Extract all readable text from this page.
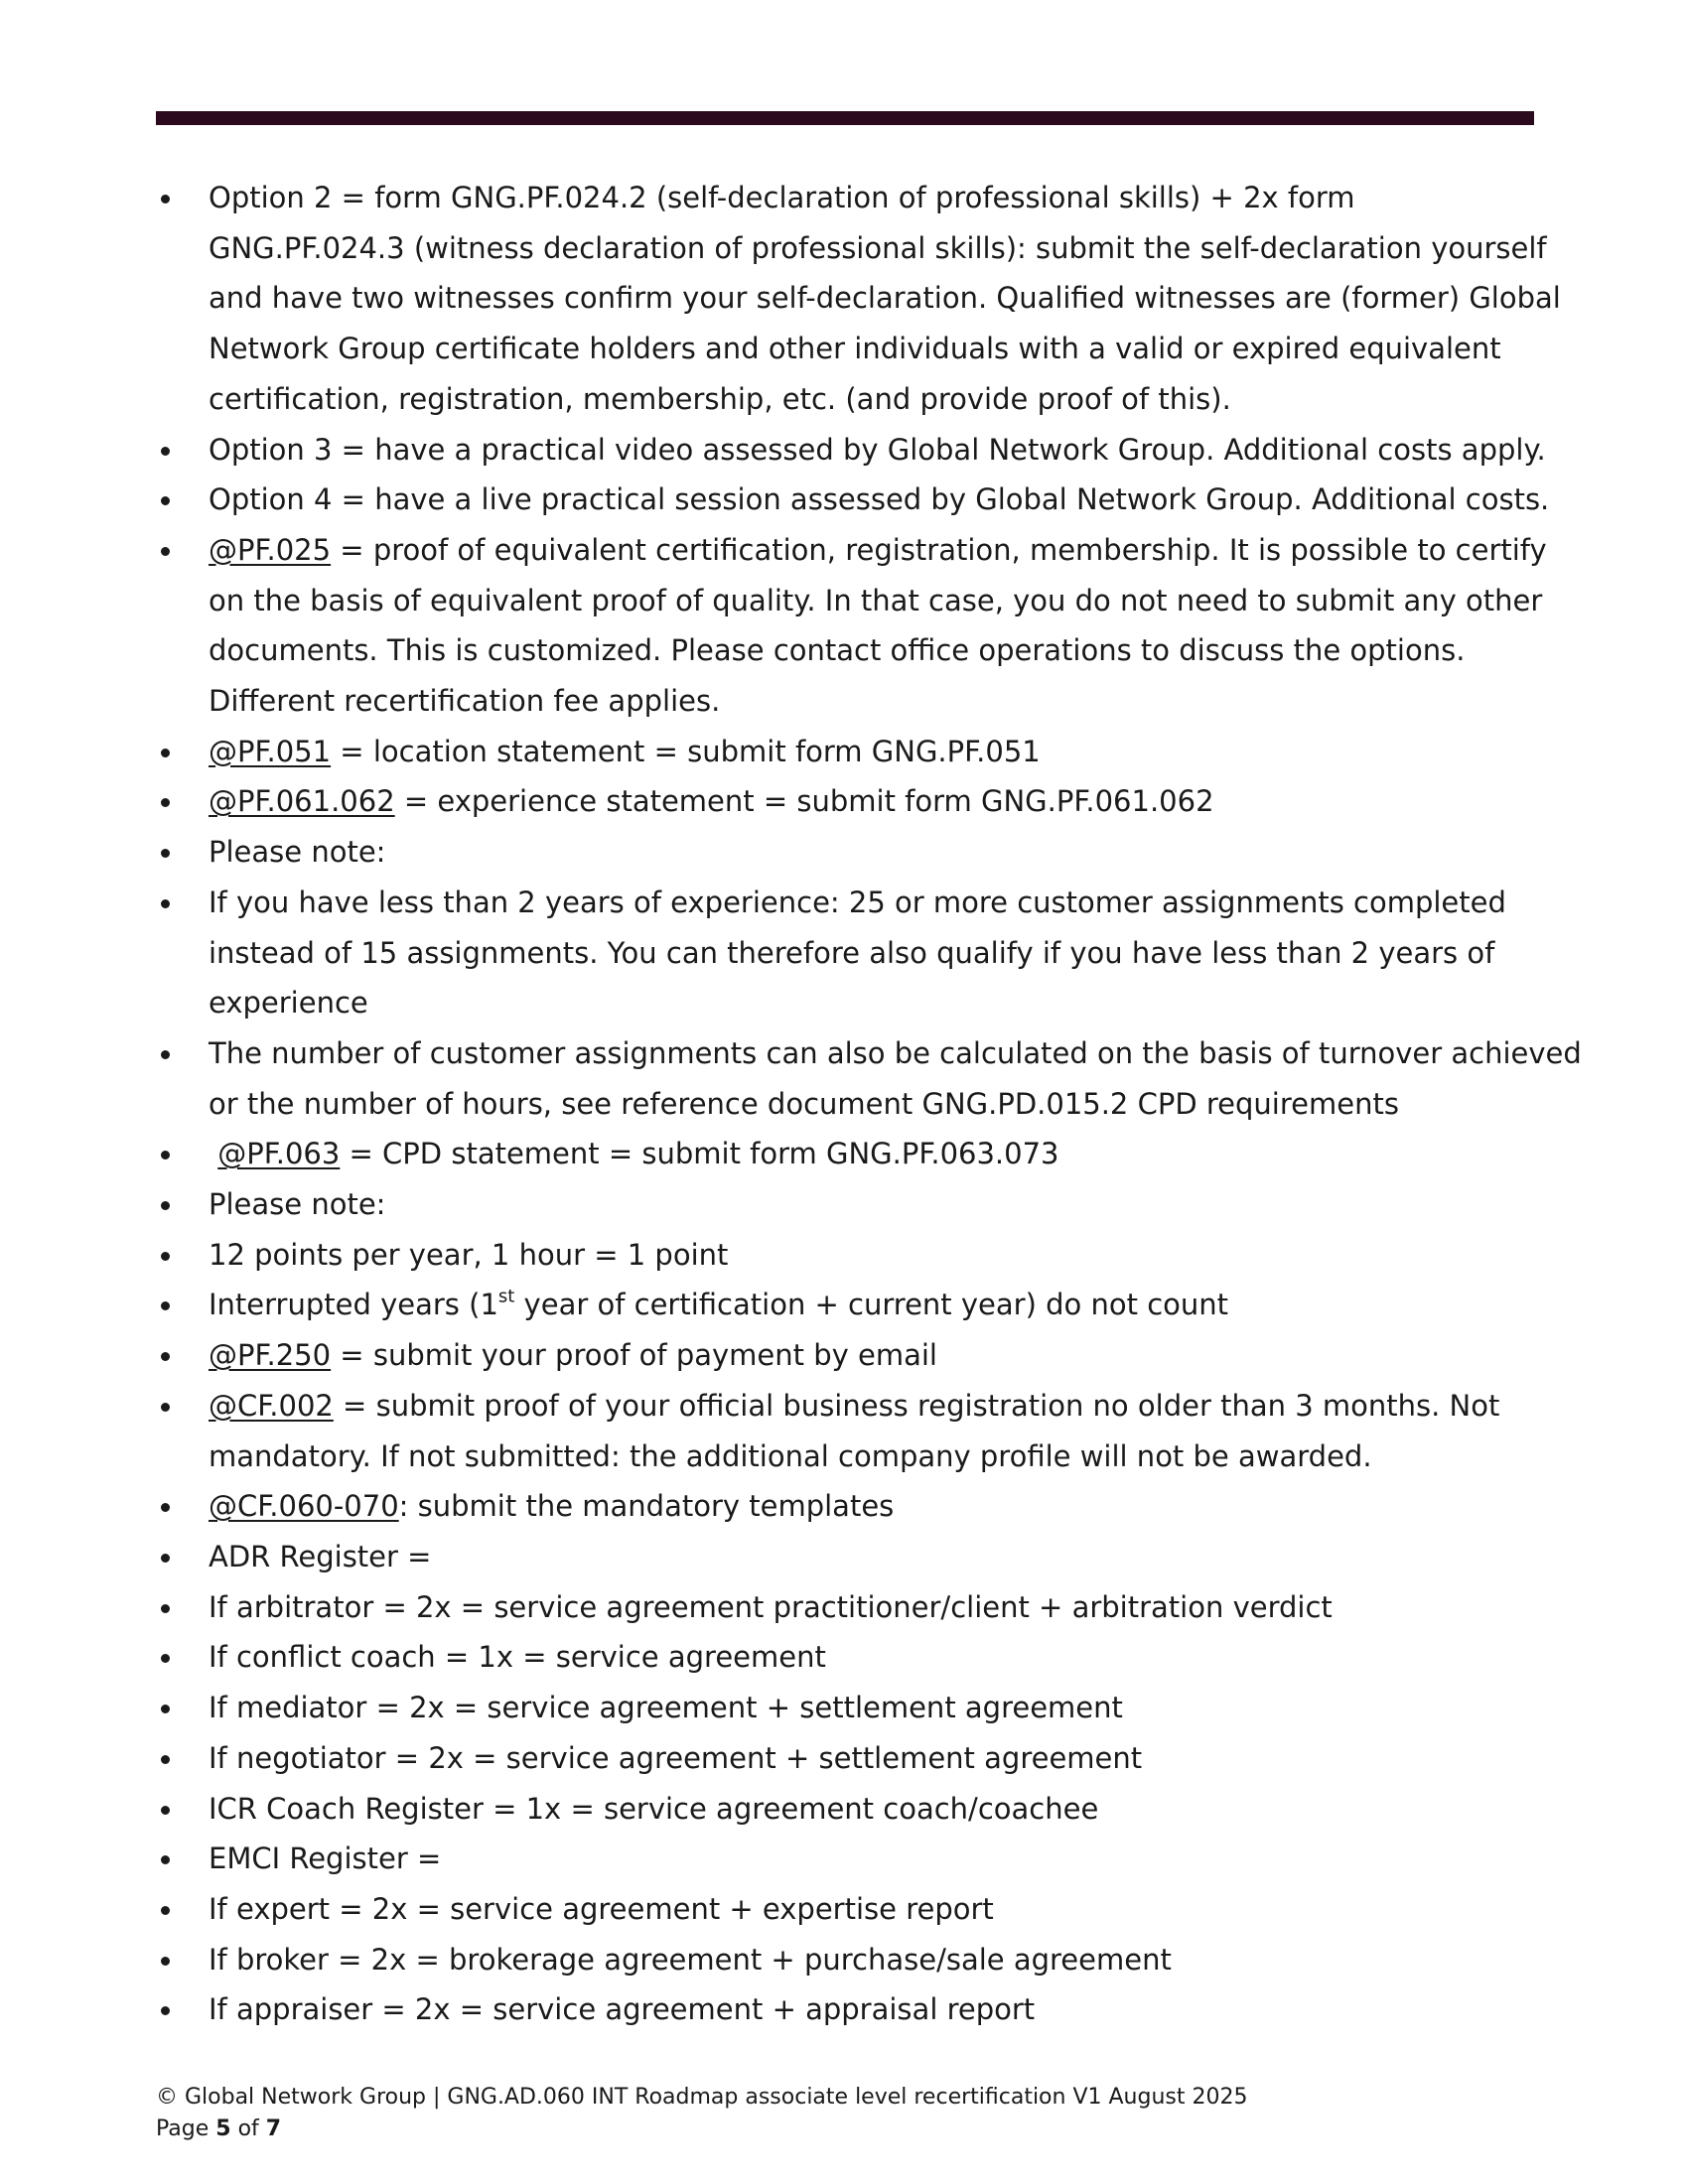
Option 2 = form GNG.PF.024.2 (self-declaration of professional skills) + 2x form
GNG.PF.024.3 (witness declaration of professional skills): submit the self-declaration yourself
and have two witnesses confirm your self-declaration. Qualified witnesses are (former) Global
Network Group certificate holders and other individuals with a valid or expired equivalent
certification, registration, membership, etc. (and provide proof of this).
Option 3 = have a practical video assessed by Global Network Group. Additional costs apply.
Option 4 = have a live practical session assessed by Global Network Group. Additional costs.
@PF.025 = proof of equivalent certification, registration, membership. It is possible to certify
on the basis of equivalent proof of quality. In that case, you do not need to submit any other
documents. This is customized. Please contact office operations to discuss the options.
Different recertification fee applies.
@PF.051 = location statement = submit form GNG.PF.051
@PF.061.062 = experience statement = submit form GNG.PF.061.062
Please note:
If you have less than 2 years of experience: 25 or more customer assignments completed
instead of 15 assignments. You can therefore also qualify if you have less than 2 years of
experience
The number of customer assignments can also be calculated on the basis of turnover achieved
or the number of hours, see reference document GNG.PD.015.2 CPD requirements
@PF.063 = CPD statement = submit form GNG.PF.063.073
Please note:
12 points per year, 1 hour = 1 point
Interrupted years (1st year of certification + current year) do not count
@PF.250 = submit your proof of payment by email
@CF.002 = submit proof of your official business registration no older than 3 months. Not
mandatory. If not submitted: the additional company profile will not be awarded.
@CF.060-070: submit the mandatory templates
ADR Register =
If arbitrator = 2x = service agreement practitioner/client + arbitration verdict
If conflict coach = 1x = service agreement
If mediator = 2x = service agreement + settlement agreement
If negotiator = 2x = service agreement + settlement agreement
ICR Coach Register = 1x = service agreement coach/coachee
EMCI Register =
If expert = 2x = service agreement + expertise report
If broker = 2x = brokerage agreement + purchase/sale agreement
If appraiser = 2x = service agreement + appraisal report
© Global Network Group | GNG.AD.060 INT Roadmap associate level recertification V1 August 2025
Page 5 of 7
